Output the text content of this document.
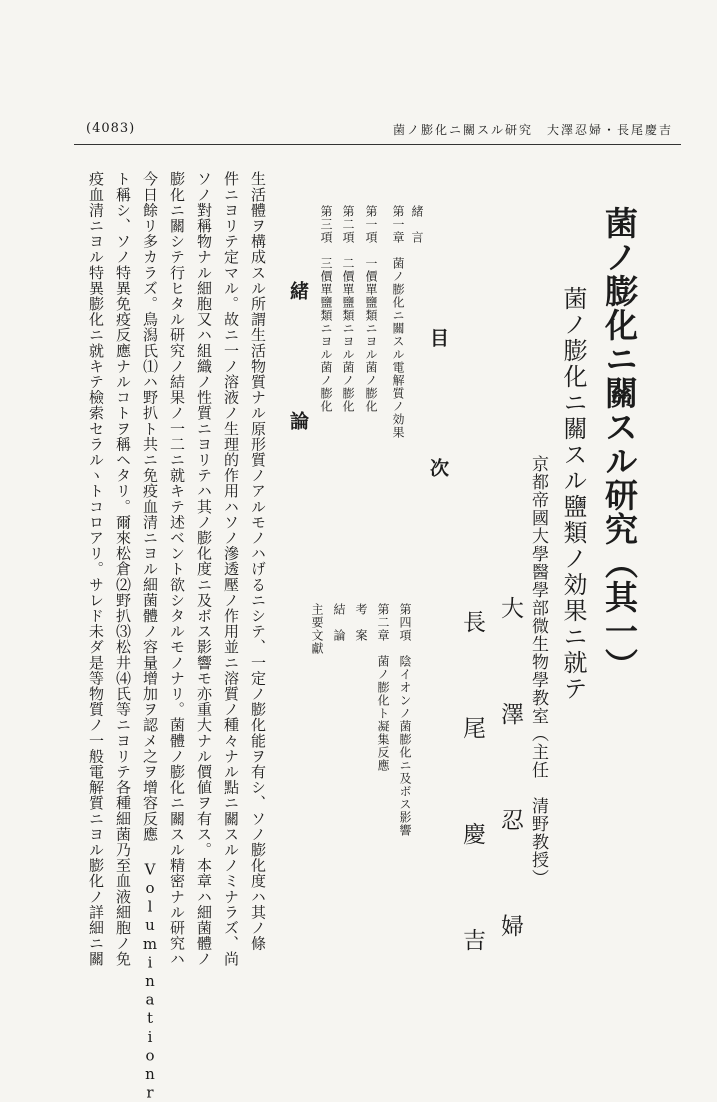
(4083)	菌ノ膨化ニ關スル研究　大澤忍婦・長尾慶吉
菌ノ膨化ニ關スル研究（其一）
菌ノ膨化ニ關スル鹽類ノ効果ニ就テ
京都帝國大學醫學部微生物學教室（主任　清野教授）
大　澤　忍　婦
長　尾　慶　吉
目　次
緒　言
第一章　菌ノ膨化ニ關スル電解質ノ効果
第一項　一價單鹽類ニヨル菌ノ膨化
第二項　二價單鹽類ニヨル菌ノ膨化
第三項　三價單鹽類ニヨル菌ノ膨化
第四項　陰イオンノ菌膨化ニ及ボス影響
第二章　菌ノ膨化ト凝集反應
考　案
結　論
主要文獻
緒　論
生活體ヲ構成スル所謂生活物質ナル原形質ノアルモノハげるニシテ、一定ノ膨化能ヲ有シ、ソノ膨化度ハ其ノ條
件ニヨリテ定マル。故ニ一ノ溶液ノ生理的作用ハソノ滲透壓ノ作用並ニ溶質ノ種々ナル點ニ關スルノミナラズ、尚
ソノ對稱物ナル細胞又ハ組織ノ性質ニヨリテハ其ノ膨化度ニ及ボス影響モ亦重大ナル價値ヲ有ス。本章ハ細菌體ノ
膨化ニ關シテ行ヒタル研究ノ結果ノ一二ニ就キテ述ベント欲シタルモノナリ。菌體ノ膨化ニ關スル精密ナル研究ハ
今日餘リ多カラズ。鳥潟氏⑴ハ野扒ト共ニ免疫血清ニヨル細菌體ノ容量增加ヲ認メ之ヲ增容反應 Voluminationr
ト稱シ、ソノ特異免疫反應ナルコトヲ稱ヘタリ。爾來松倉⑵野扒⑶松井⑷氏等ニヨリテ各種細菌乃至血液細胞ノ免
疫血清ニヨル特異膨化ニ就キテ檢索セラルヽトコロアリ。サレド未ダ是等物質ノ一般電解質ニヨル膨化ノ詳細ニ關
